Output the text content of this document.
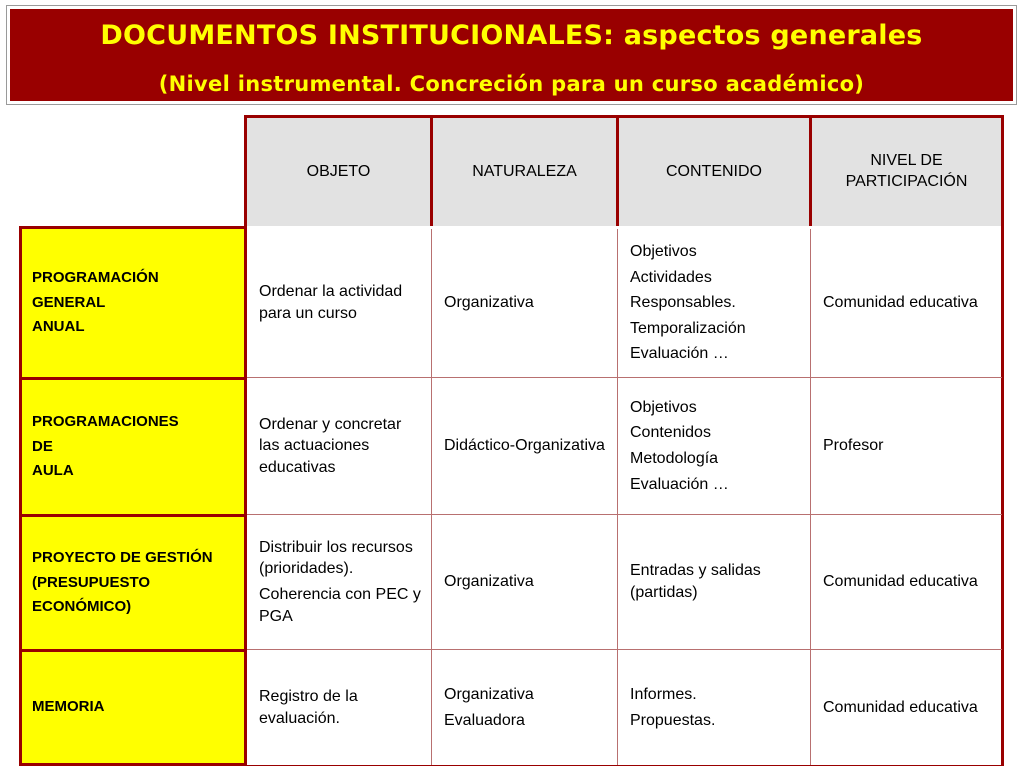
DOCUMENTOS INSTITUCIONALES: aspectos generales
(Nivel instrumental. Concreción para un curso académico)
OBJETO	NATURALEZA	CONTENIDO
NIVEL DE PARTICIPACIÓN
PROGRAMACIÓN
GENERAL
ANUAL
Ordenar la actividad para un curso
Organizativa
Objetivos
Actividades
Responsables.
Temporalización
Evaluación …
Comunidad educativa
PROGRAMACIONES
DE
AULA
Ordenar y concretar las actuaciones educativas
Didáctico-Organizativa
Objetivos
Contenidos
Metodología
Evaluación …
Profesor
PROYECTO DE GESTIÓN
(PRESUPUESTO
ECONÓMICO)
Distribuir los recursos (prioridades).
Coherencia con PEC y PGA
Organizativa
Entradas y salidas (partidas)
Comunidad educativa
MEMORIA
Registro de la evaluación.
Organizativa
Evaluadora
Informes.
Propuestas.
Comunidad educativa
